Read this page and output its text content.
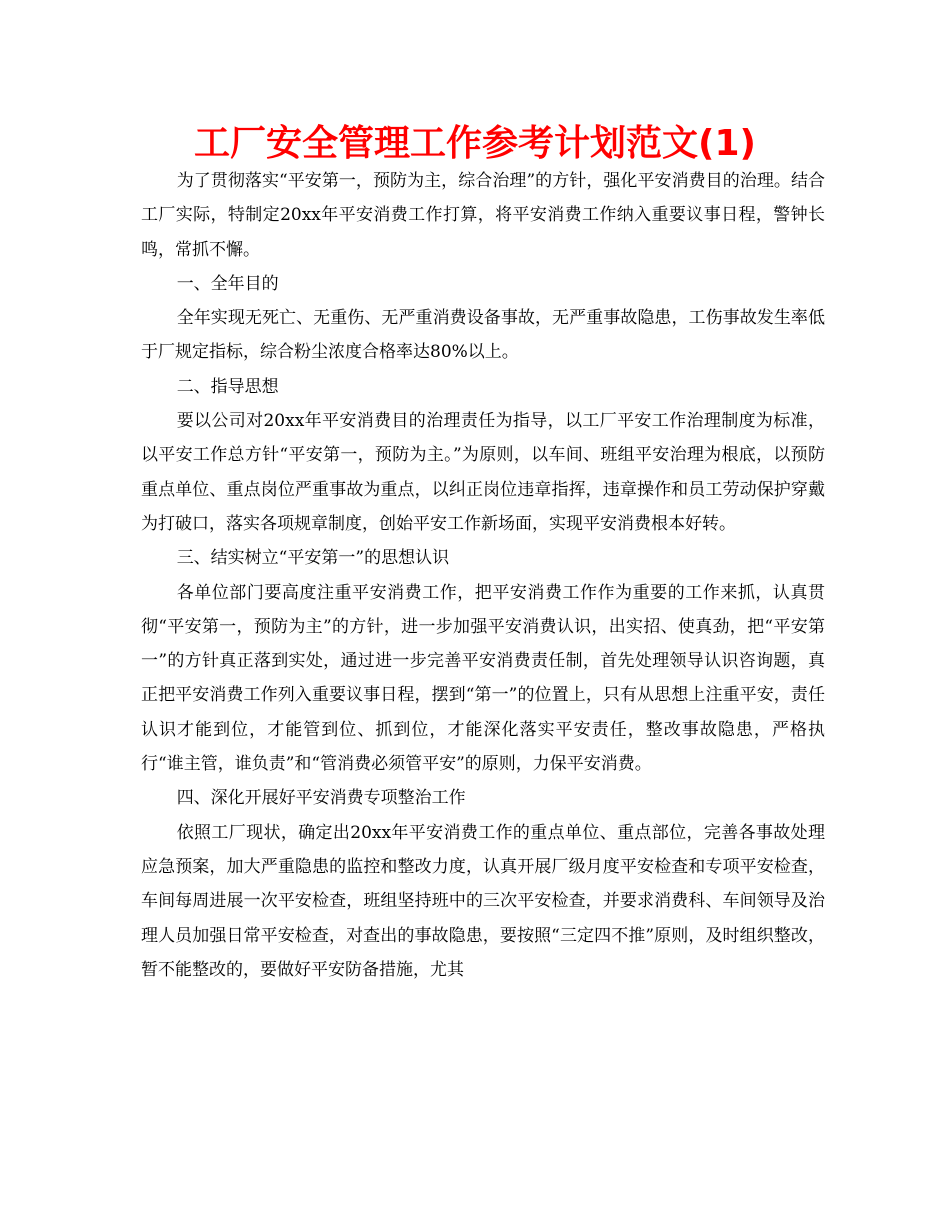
工厂安全管理工作参考计划范文(1)

为了贯彻落实“平安第一，预防为主，综合治理”的方针，强化平安消费目的治理。结合工厂实际，特制定20xx年平安消费工作打算，将平安消费工作纳入重要议事日程，警钟长鸣，常抓不懈。

一、全年目的

全年实现无死亡、无重伤、无严重消费设备事故，无严重事故隐患，工伤事故发生率低于厂规定指标，综合粉尘浓度合格率达80%以上。

二、指导思想

要以公司对20xx年平安消费目的治理责任为指导，以工厂平安工作治理制度为标准，以平安工作总方针“平安第一，预防为主。”为原则，以车间、班组平安治理为根底，以预防重点单位、重点岗位严重事故为重点，以纠正岗位违章指挥，违章操作和员工劳动保护穿戴为打破口，落实各项规章制度，创始平安工作新场面，实现平安消费根本好转。

三、结实树立“平安第一”的思想认识

各单位部门要高度注重平安消费工作，把平安消费工作作为重要的工作来抓，认真贯彻“平安第一，预防为主”的方针，进一步加强平安消费认识，出实招、使真劲，把“平安第一”的方针真正落到实处，通过进一步完善平安消费责任制，首先处理领导认识咨询题，真正把平安消费工作列入重要议事日程，摆到“第一”的位置上，只有从思想上注重平安，责任认识才能到位，才能管到位、抓到位，才能深化落实平安责任，整改事故隐患，严格执行“谁主管，谁负责”和“管消费必须管平安”的原则，力保平安消费。

四、深化开展好平安消费专项整治工作

依照工厂现状，确定出20xx年平安消费工作的重点单位、重点部位，完善各事故处理应急预案，加大严重隐患的监控和整改力度，认真开展厂级月度平安检查和专项平安检查，车间每周进展一次平安检查，班组坚持班中的三次平安检查，并要求消费科、车间领导及治理人员加强日常平安检查，对查出的事故隐患，要按照“三定四不推”原则，及时组织整改，暂不能整改的，要做好平安防备措施，尤其
